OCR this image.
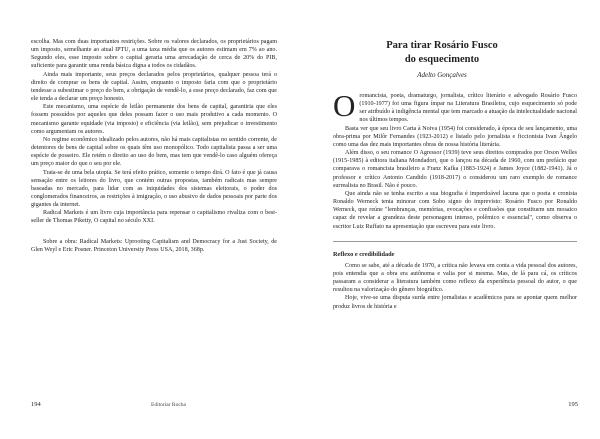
escolha. Mas com duas importantes restrições. Sobre os valores declarados, os proprietários pagam um imposto, semelhante ao atual IPTU, a uma taxa média que os autores estimam em 7% ao ano. Segundo eles, esse imposto sobre o capital geraria uma arrecadação de cerca de 20% do PIB, suficiente para garantir uma renda básica digna a todos os cidadãos.

Ainda mais importante, seus preços declarados pelos proprietários, qualquer pessoa terá o direito de comprar os bens de capital. Assim, enquanto o imposto faria com que o proprietário tendesse a subestimar o preço do bem, a obrigação de vendê-lo, a esse preço declarado, faz com que ele tenda a declarar um preço honesto.

Este mecanismo, uma espécie de leilão permanente dos bens de capital, garantiria que eles fossem possuídos por aqueles que deles possam fazer o uso mais produtivo a cada momento. O mecanismo garante equidade (via imposto) e eficiência (via leilão), sem prejudicar o investimento como argumentam os autores.

No regime econômico idealizado pelos autores, não há mais capitalistas no sentido corrente, de detentores de bens de capital sobre os quais têm uso monopólico. Todo capitalista passa a ser uma espécie de posseiro. Ele retém o direito ao uso do bem, mas tem que vendê-lo caso alguém ofereça um preço maior do que o seu por ele.

Trata-se de uma bela utopia. Se terá efeito prático, somente o tempo dirá. O fato é que já causa sensação entre os leitores do livro, que contém outras propostas, também radicais mas sempre baseadas no mercado, para lidar com as iniquidades dos sistemas eleitorais, o poder dos conglomerados financeiros, as restrições à imigração, o uso abusivo de dados pessoais por parte dos gigantes da internet.

Radical Markets é um livro cuja importância para repensar o capitalismo rivaliza com o best-seller de Thomas Piketty, O capital no século XXI.

Sobre a obra: Radical Markets: Uprooting Capitalism and Democracy for a Just Society, de Glen Weyl e Eric Posner. Princeton University Press USA, 2018, 368p.

194	Editoriar Rocha
Para tirar Rosário Fusco
do esquecimento
Adelto Gonçalves

Oromancista, poeta, dramaturgo, jornalista, crítico literário e advogado Rosário Fusco (1910-1977) foi uma figura ímpar na Literatura Brasileira, cujo esquecimento só pode ser atribuído à indigência mental que tem marcado a atuação da intelectualidade nacional nos últimos tempos.

Basta ver que seu livro Carta à Noiva (1954) foi considerado, à época de seu lançamento, uma obra-prima por Milôr Fernandes (1923-2012) e listado pelo jornalista e ficcionista Ivan Ângelo como uma das dez mais importantes obras de nossa história literária.

Além disso, o seu romance O Agressor (1939) teve seus direitos comprados por Orson Welles (1915-1985) à editora italiana Mondadori, que o lançou na década de 1960, com um prefácio que comparava o romancista brasileiro a Franz Kafka (1883-1924) e James Joyce (1882-1941). Já o professor e crítico Antonio Candido (1918-2017) o considerou um raro exemplo de romance surrealista no Brasil. Não é pouco.

Que ainda não se tenha escrito a sua biografia é imperdoável lacuna que o poeta e cronista Ronaldo Werneck tenta minorar com Sobo signo do imprevisto: Rosário Fusco por Ronaldo Werneck, que reúne "lembranças, memórias, evocações e confissões que constituem um mosaico capaz de revelar a grandeza deste personagem intenso, polêmico e essencial", como observa o escritor Luiz Ruffato na apresentação que escreveu para este livro.

Reflexo e credibilidade

Como se sabe, até a década de 1970, a crítica não levava em conta a vida pessoal dos autores, pois entendia que a obra era autônoma e valia por si mesma. Mas, de lá para cá, os críticos passaram a considerar a literatura também como reflexo da experiência pessoal do autor, o que resultou na valorização do gênero biográfico.

Hoje, vive-se uma disputa surda entre jornalistas e acadêmicos para se apontar quem melhor produz livros de história e

195
